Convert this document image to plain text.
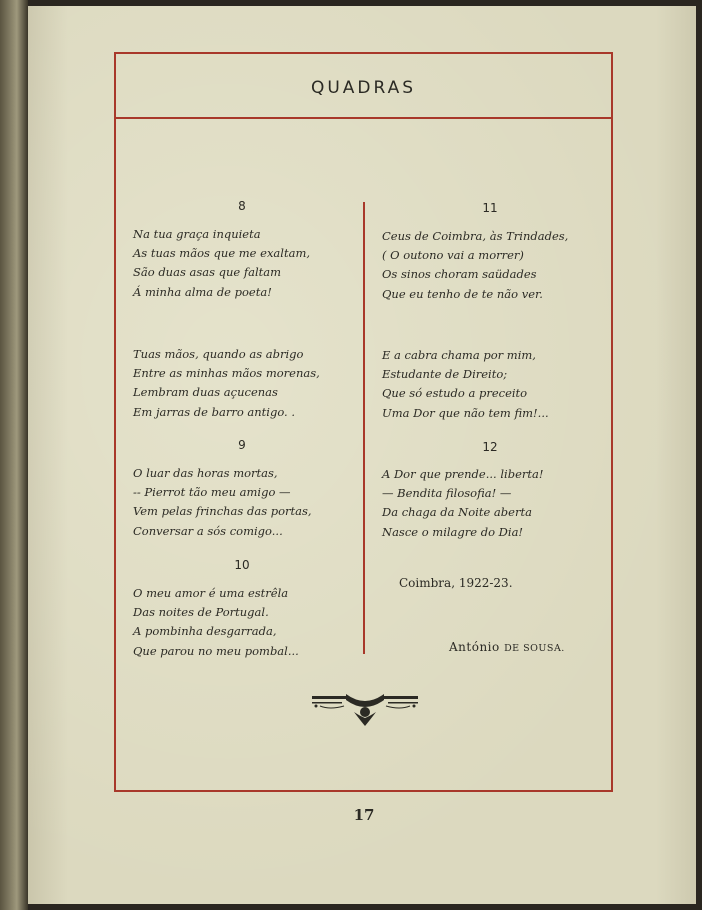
QUADRAS
8
Na tua graça inquieta
As tuas mãos que me exaltam,
São duas asas que faltam
Á minha alma de poeta!
Tuas mãos, quando as abrigo
Entre as minhas mãos morenas,
Lembram duas açucenas
Em jarras de barro antigo. .
9
O luar das horas mortas,
-- Pierrot tão meu amigo —
Vem pelas frinchas das portas,
Conversar a sós comigo...
10
O meu amor é uma estrêla
Das noites de Portugal.
A pombinha desgarrada,
Que parou no meu pombal...
11
Ceus de Coimbra, às Trindades,
( O outono vai a morrer)
Os sinos choram saüdades
Que eu tenho de te não ver.
E a cabra chama por mim,
Estudante de Direito;
Que só estudo a preceito
Uma Dor que não tem fim!...
12
A Dor que prende... liberta!
— Bendita filosofia! —
Da chaga da Noite aberta
Nasce o milagre do Dia!
Coimbra, 1922-23.
António DE SOUSA.
17
